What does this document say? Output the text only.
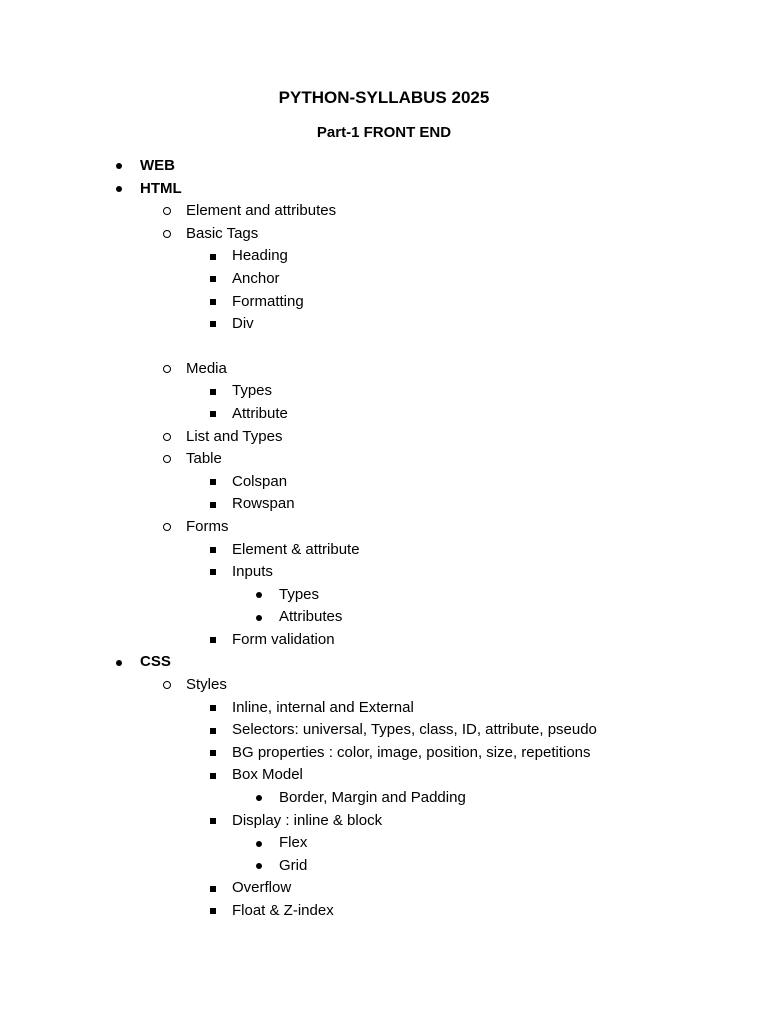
PYTHON-SYLLABUS 2025
Part-1 FRONT END
WEB
HTML
Element and attributes
Basic Tags
Heading
Anchor
Formatting
Div
Media
Types
Attribute
List and Types
Table
Colspan
Rowspan
Forms
Element & attribute
Inputs
Types
Attributes
Form validation
CSS
Styles
Inline, internal and External
Selectors: universal, Types, class, ID, attribute, pseudo
BG properties : color, image, position, size, repetitions
Box Model
Border, Margin and Padding
Display : inline & block
Flex
Grid
Overflow
Float & Z-index
